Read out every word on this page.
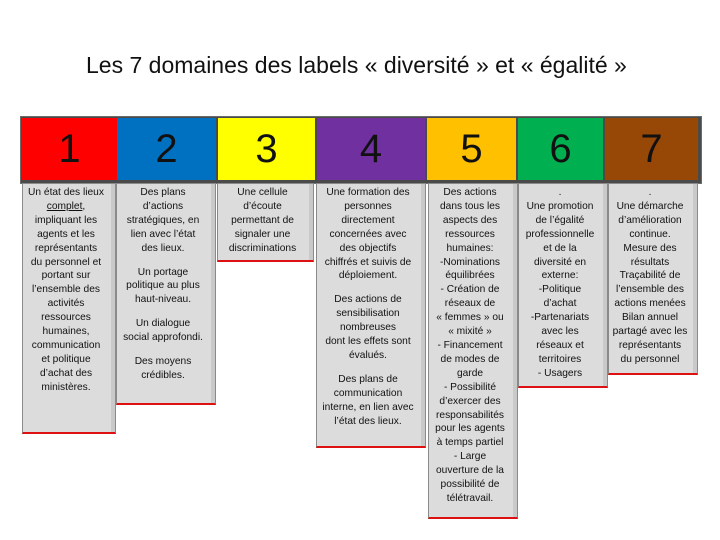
Les 7 domaines des labels « diversité » et « égalité »
1

Un état des lieux
complet, impliquant les
agents et les
représentants
du personnel et
portant sur
l’ensemble des
activités
ressources
humaines,
communication
et politique
d’achat des
ministères.

2

Des plans
d’actions
stratégiques, en
lien avec l’état
des lieux.

Un portage
politique au plus
haut-niveau.

Un dialogue
social approfondi.

Des moyens
crédibles.

3

Une cellule
d’écoute
permettant de
signaler une
discriminations

4

Une formation des
personnes
directement
concernées avec
des objectifs
chiffrés et suivis de
déploiement.

Des actions de
sensibilisation
nombreuses
dont les effets sont
évalués.

Des plans de
communication
interne, en lien avec
l’état des lieux.

5

Des actions
dans tous les
aspects des
ressources
humaines:
-Nominations
équilibrées
- Création de
réseaux de
« femmes » ou
« mixité »
- Financement
de modes de
garde
- Possibilité
d’exercer des
responsabilités
pour les agents
à temps partiel
- Large
ouverture de la
possibilité de
télétravail.

6

.
Une promotion
de l’égalité
professionnelle
et de la
diversité en
externe:
-Politique
d’achat
-Partenariats
avec les
réseaux et
territoires
- Usagers

7

.
Une démarche
d’amélioration
continue.
Mesure des
résultats
Traçabilité de
l’ensemble des
actions menées
Bilan annuel
partagé avec les
représentants
du personnel
